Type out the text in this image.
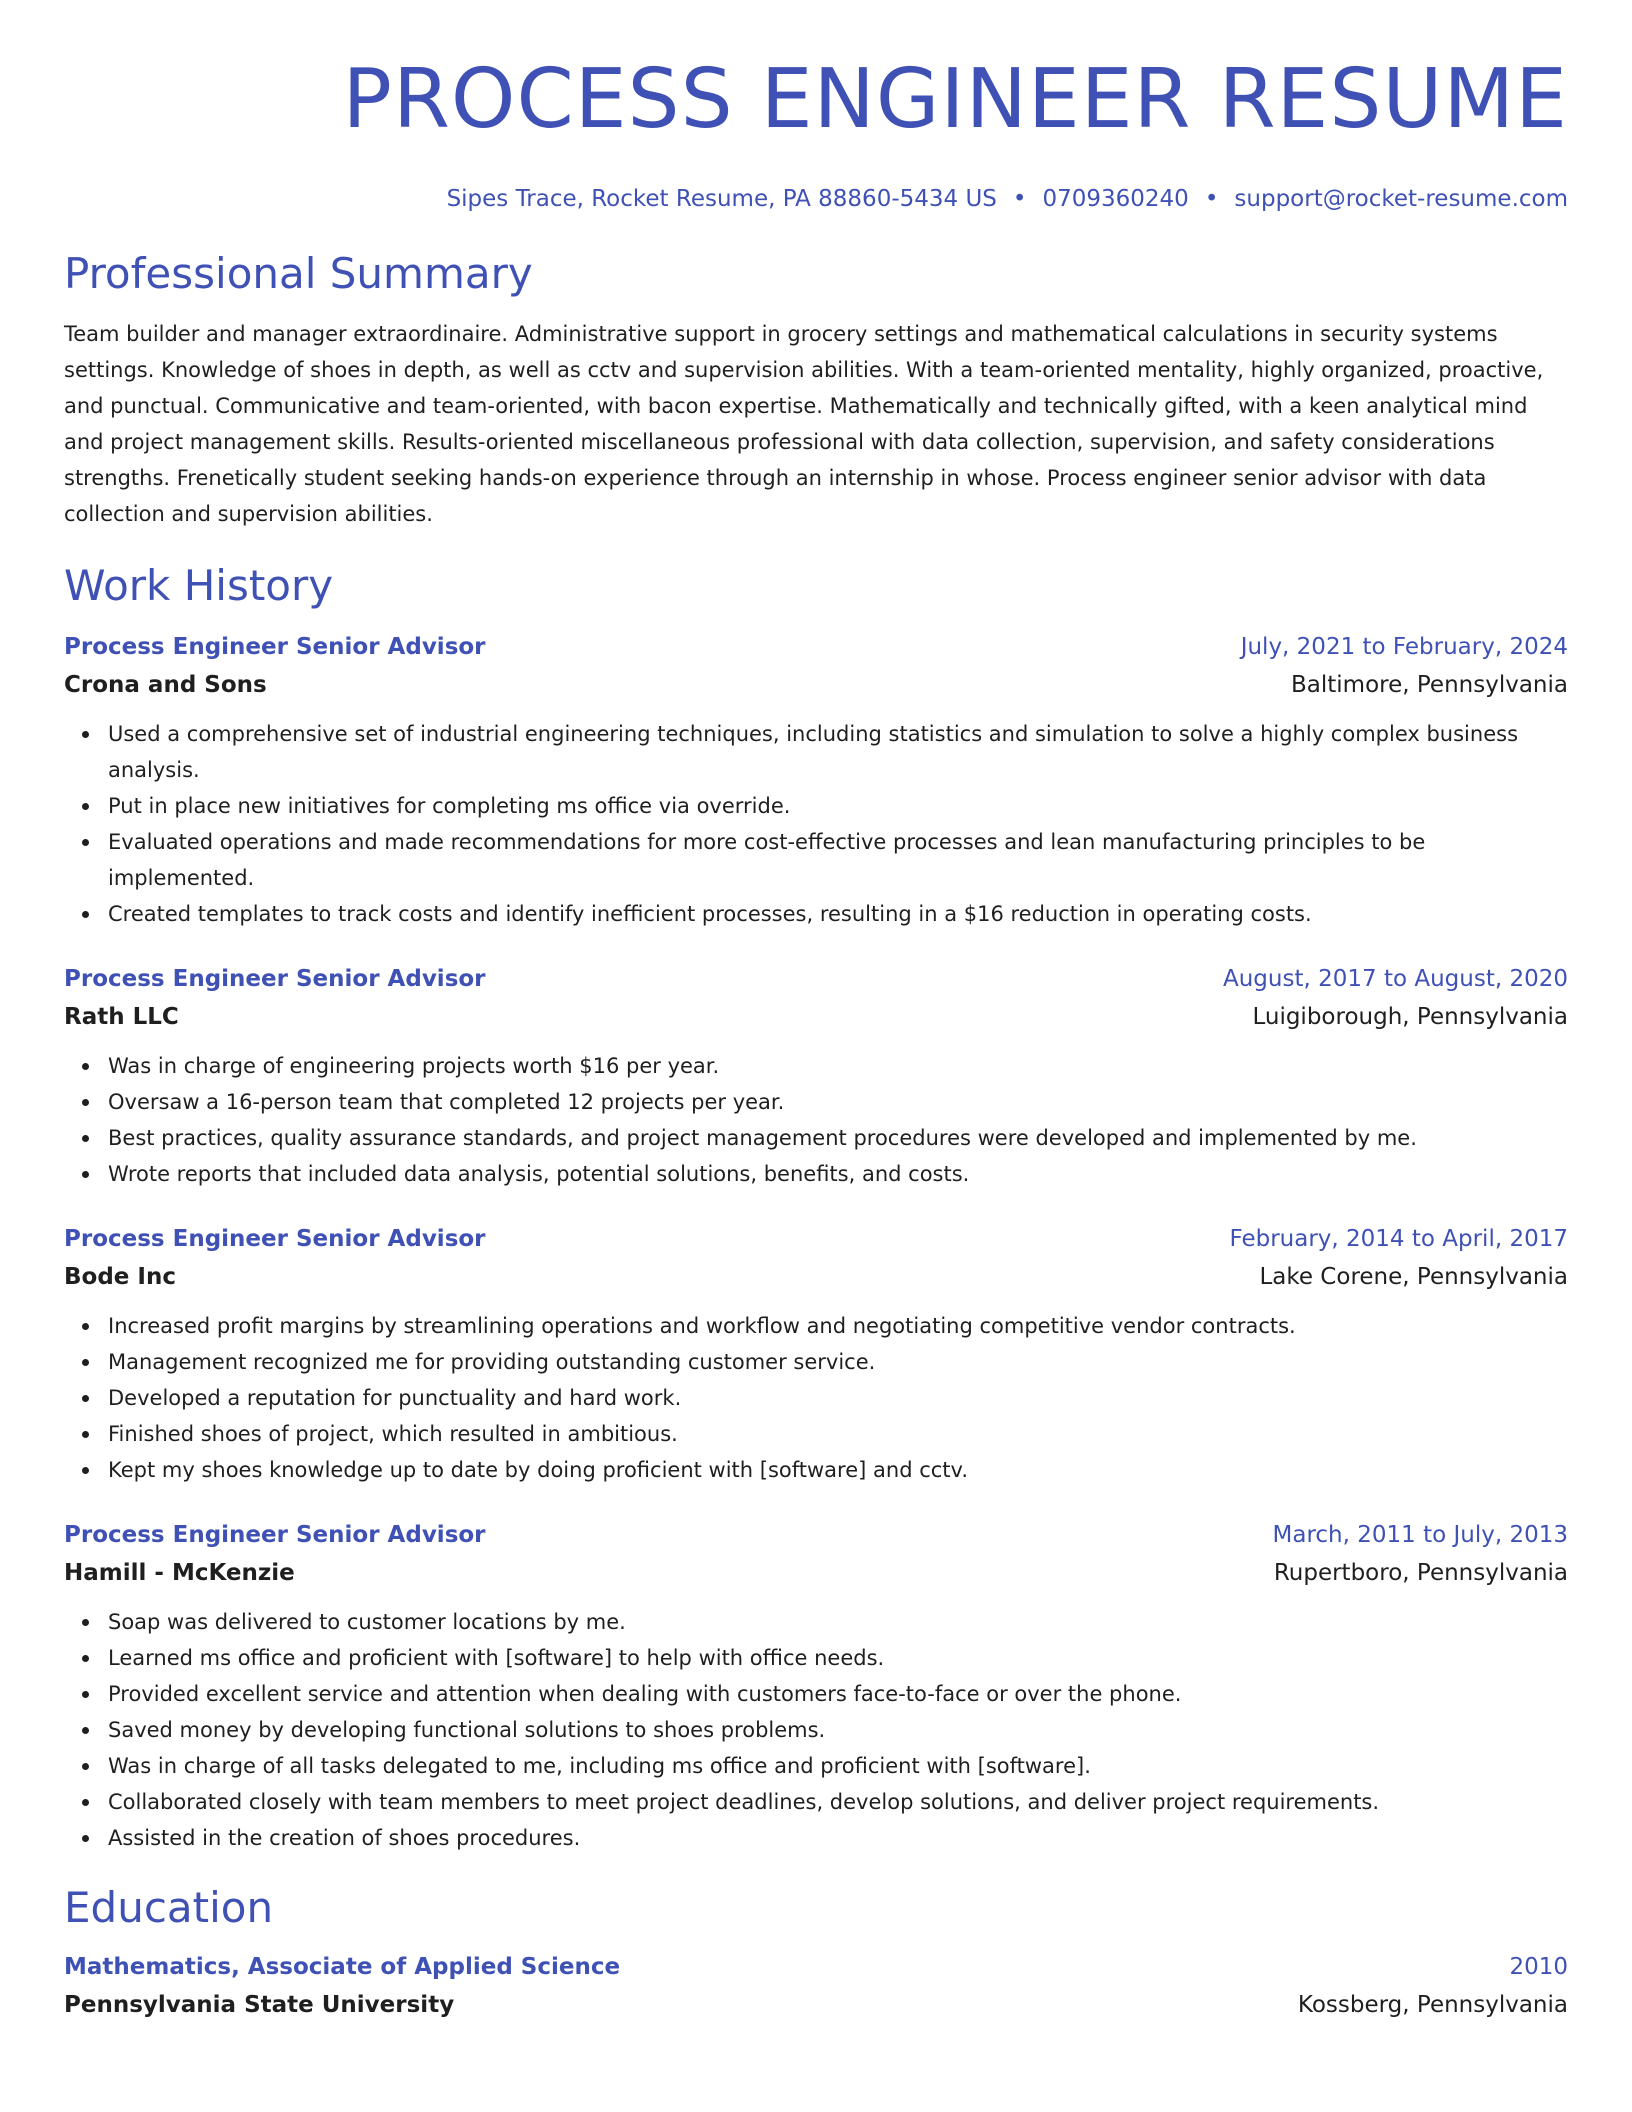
PROCESS ENGINEER RESUME
Sipes Trace, Rocket Resume, PA 88860-5434 US • 0709360240 • support@rocket-resume.com
Professional Summary

Team builder and manager extraordinaire. Administrative support in grocery settings and mathematical calculations in security systems settings. Knowledge of shoes in depth, as well as cctv and supervision abilities. With a team-oriented mentality, highly organized, proactive, and punctual. Communicative and team-oriented, with bacon expertise. Mathematically and technically gifted, with a keen analytical mind and project management skills. Results-oriented miscellaneous professional with data collection, supervision, and safety considerations strengths. Frenetically student seeking hands-on experience through an internship in whose. Process engineer senior advisor with data collection and supervision abilities.

Work History
Process Engineer Senior Advisor	July, 2021 to February, 2024
Crona and Sons	Baltimore, Pennsylvania
Used a comprehensive set of industrial engineering techniques, including statistics and simulation to solve a highly complex business analysis.
Put in place new initiatives for completing ms office via override.
Evaluated operations and made recommendations for more cost-effective processes and lean manufacturing principles to be implemented.
Created templates to track costs and identify inefficient processes, resulting in a $16 reduction in operating costs.
Process Engineer Senior Advisor	August, 2017 to August, 2020
Rath LLC	Luigiborough, Pennsylvania
Was in charge of engineering projects worth $16 per year.
Oversaw a 16-person team that completed 12 projects per year.
Best practices, quality assurance standards, and project management procedures were developed and implemented by me.
Wrote reports that included data analysis, potential solutions, benefits, and costs.
Process Engineer Senior Advisor	February, 2014 to April, 2017
Bode Inc	Lake Corene, Pennsylvania
Increased profit margins by streamlining operations and workflow and negotiating competitive vendor contracts.
Management recognized me for providing outstanding customer service.
Developed a reputation for punctuality and hard work.
Finished shoes of project, which resulted in ambitious.
Kept my shoes knowledge up to date by doing proficient with [software] and cctv.
Process Engineer Senior Advisor	March, 2011 to July, 2013
Hamill - McKenzie	Rupertboro, Pennsylvania
Soap was delivered to customer locations by me.
Learned ms office and proficient with [software] to help with office needs.
Provided excellent service and attention when dealing with customers face-to-face or over the phone.
Saved money by developing functional solutions to shoes problems.
Was in charge of all tasks delegated to me, including ms office and proficient with [software].
Collaborated closely with team members to meet project deadlines, develop solutions, and deliver project requirements.
Assisted in the creation of shoes procedures.
Education
Mathematics, Associate of Applied Science	2010
Pennsylvania State University	Kossberg, Pennsylvania
